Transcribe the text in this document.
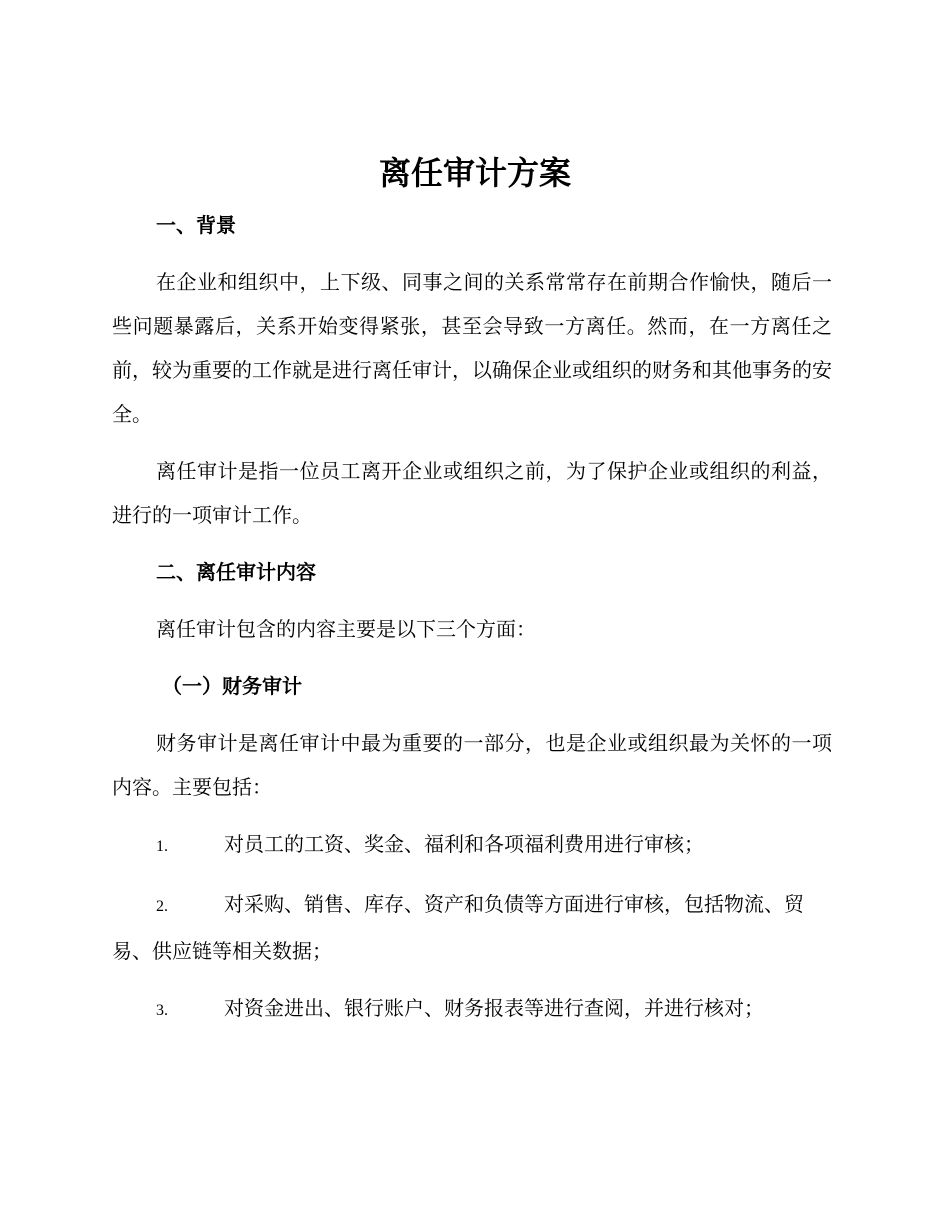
离任审计方案

一、背景

在企业和组织中，上下级、同事之间的关系常常存在前期合作愉快，随后一些问题暴露后，关系开始变得紧张，甚至会导致一方离任。然而，在一方离任之前，较为重要的工作就是进行离任审计，以确保企业或组织的财务和其他事务的安全。

离任审计是指一位员工离开企业或组织之前，为了保护企业或组织的利益，进行的一项审计工作。

二、离任审计内容

离任审计包含的内容主要是以下三个方面：

（一）财务审计

财务审计是离任审计中最为重要的一部分，也是企业或组织最为关怀的一项内容。主要包括：

1.	对员工的工资、奖金、福利和各项福利费用进行审核；

2.	对采购、销售、库存、资产和负债等方面进行审核，包括物流、贸易、供应链等相关数据；

3.	对资金进出、银行账户、财务报表等进行查阅，并进行核对；
